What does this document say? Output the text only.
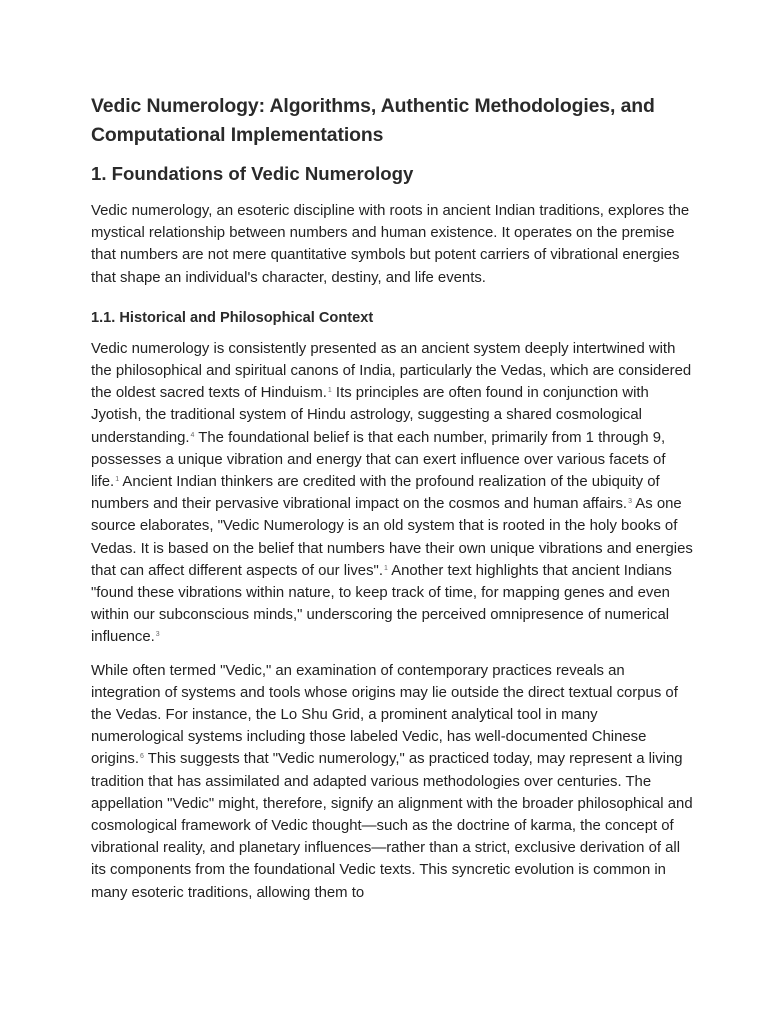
Vedic Numerology: Algorithms, Authentic Methodologies, and Computational Implementations
1. Foundations of Vedic Numerology

Vedic numerology, an esoteric discipline with roots in ancient Indian traditions, explores the mystical relationship between numbers and human existence. It operates on the premise that numbers are not mere quantitative symbols but potent carriers of vibrational energies that shape an individual's character, destiny, and life events.

1.1. Historical and Philosophical Context

Vedic numerology is consistently presented as an ancient system deeply intertwined with the philosophical and spiritual canons of India, particularly the Vedas, which are considered the oldest sacred texts of Hinduism.$^1$ Its principles are often found in conjunction with Jyotish, the traditional system of Hindu astrology, suggesting a shared cosmological understanding.$^4$ The foundational belief is that each number, primarily from 1 through 9, possesses a unique vibration and energy that can exert influence over various facets of life.$^1$ Ancient Indian thinkers are credited with the profound realization of the ubiquity of numbers and their pervasive vibrational impact on the cosmos and human affairs.$^3$ As one source elaborates, "Vedic Numerology is an old system that is rooted in the holy books of Vedas. It is based on the belief that numbers have their own unique vibrations and energies that can affect different aspects of our lives".$^1$ Another text highlights that ancient Indians "found these vibrations within nature, to keep track of time, for mapping genes and even within our subconscious minds," underscoring the perceived omnipresence of numerical influence.$^3$

While often termed "Vedic," an examination of contemporary practices reveals an integration of systems and tools whose origins may lie outside the direct textual corpus of the Vedas. For instance, the Lo Shu Grid, a prominent analytical tool in many numerological systems including those labeled Vedic, has well-documented Chinese origins.$^6$ This suggests that "Vedic numerology," as practiced today, may represent a living tradition that has assimilated and adapted various methodologies over centuries. The appellation "Vedic" might, therefore, signify an alignment with the broader philosophical and cosmological framework of Vedic thought—such as the doctrine of karma, the concept of vibrational reality, and planetary influences—rather than a strict, exclusive derivation of all its components from the foundational Vedic texts. This syncretic evolution is common in many esoteric traditions, allowing them to
